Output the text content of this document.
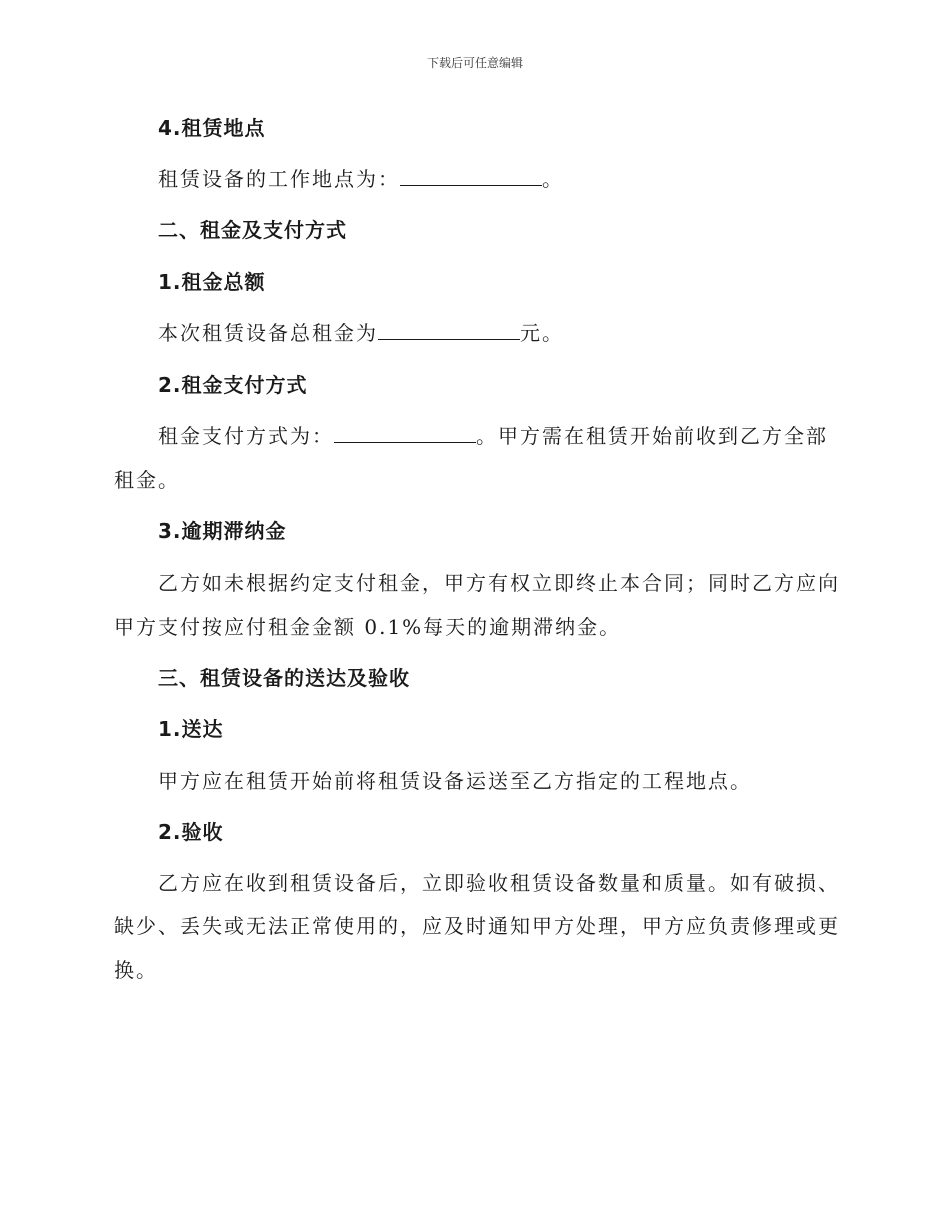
下载后可任意编辑
4.租赁地点
租赁设备的工作地点为：	。
二、租金及支付方式
1.租金总额
本次租赁设备总租金为	元。
2.租金支付方式
租金支付方式为：	。甲方需在租赁开始前收到乙方全部
租金。
3.逾期滞纳金
乙方如未根据约定支付租金，甲方有权立即终止本合同；同时乙方应向
甲方支付按应付租金金额 0.1%每天的逾期滞纳金。
三、租赁设备的送达及验收
1.送达
甲方应在租赁开始前将租赁设备运送至乙方指定的工程地点。
2.验收
乙方应在收到租赁设备后，立即验收租赁设备数量和质量。如有破损、
缺少、丢失或无法正常使用的，应及时通知甲方处理，甲方应负责修理或更
换。
